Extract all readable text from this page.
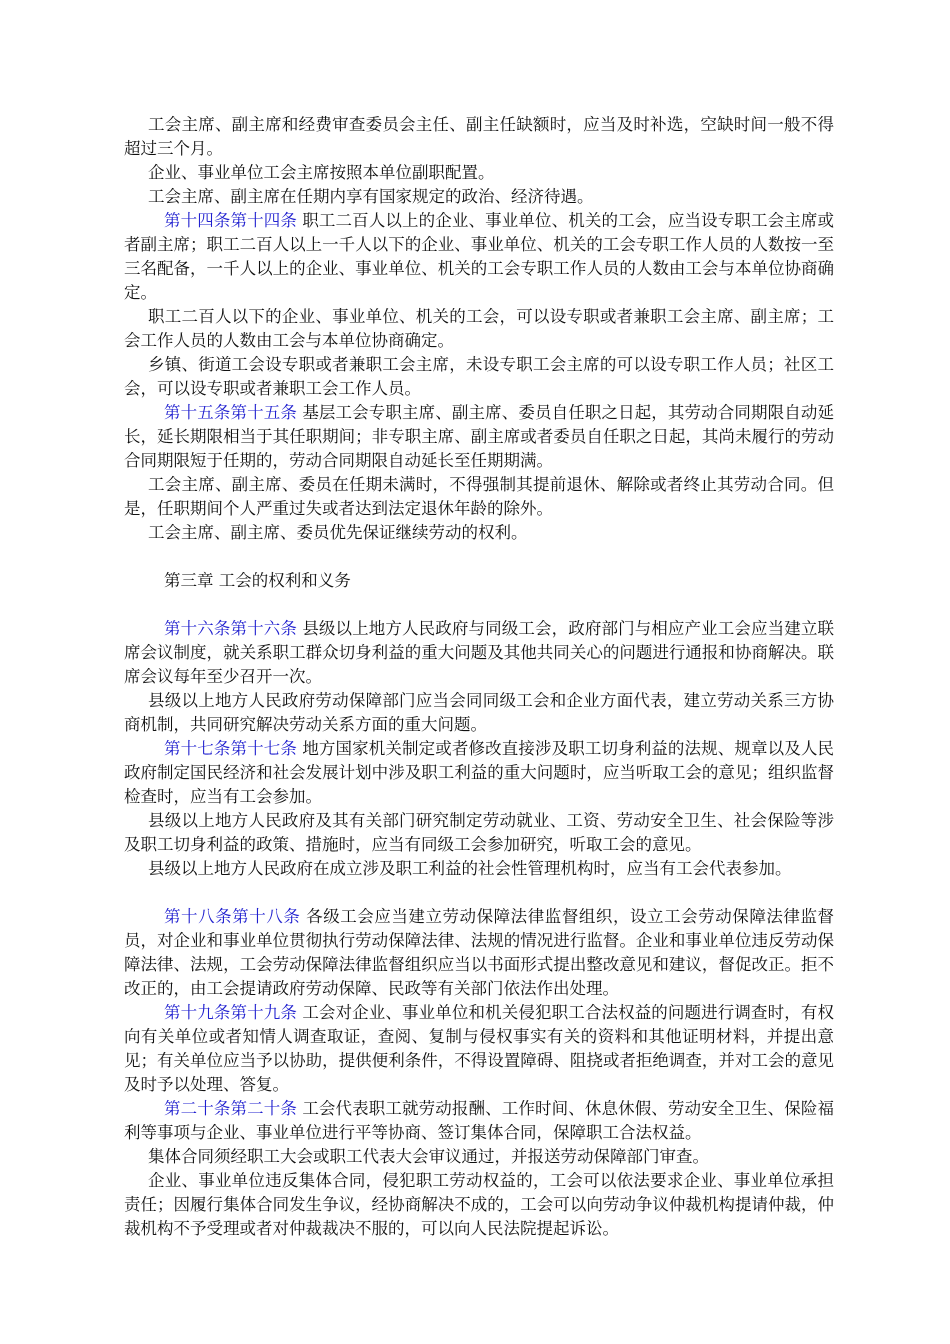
工会主席、副主席和经费审查委员会主任、副主任缺额时，应当及时补选，空缺时间一般不得超过三个月。

企业、事业单位工会主席按照本单位副职配置。

工会主席、副主席在任期内享有国家规定的政治、经济待遇。

第十四条第十四条 职工二百人以上的企业、事业单位、机关的工会，应当设专职工会主席或者副主席；职工二百人以上一千人以下的企业、事业单位、机关的工会专职工作人员的人数按一至三名配备，一千人以上的企业、事业单位、机关的工会专职工作人员的人数由工会与本单位协商确定。

职工二百人以下的企业、事业单位、机关的工会，可以设专职或者兼职工会主席、副主席；工会工作人员的人数由工会与本单位协商确定。

乡镇、街道工会设专职或者兼职工会主席，未设专职工会主席的可以设专职工作人员；社区工会，可以设专职或者兼职工会工作人员。

第十五条第十五条 基层工会专职主席、副主席、委员自任职之日起，其劳动合同期限自动延长，延长期限相当于其任职期间；非专职主席、副主席或者委员自任职之日起，其尚未履行的劳动合同期限短于任期的，劳动合同期限自动延长至任期期满。

工会主席、副主席、委员在任期未满时，不得强制其提前退休、解除或者终止其劳动合同。但是，任职期间个人严重过失或者达到法定退休年龄的除外。

工会主席、副主席、委员优先保证继续劳动的权利。

第三章 工会的权利和义务

第十六条第十六条 县级以上地方人民政府与同级工会，政府部门与相应产业工会应当建立联席会议制度，就关系职工群众切身利益的重大问题及其他共同关心的问题进行通报和协商解决。联席会议每年至少召开一次。

县级以上地方人民政府劳动保障部门应当会同同级工会和企业方面代表，建立劳动关系三方协商机制，共同研究解决劳动关系方面的重大问题。

第十七条第十七条 地方国家机关制定或者修改直接涉及职工切身利益的法规、规章以及人民政府制定国民经济和社会发展计划中涉及职工利益的重大问题时，应当听取工会的意见；组织监督检查时，应当有工会参加。

县级以上地方人民政府及其有关部门研究制定劳动就业、工资、劳动安全卫生、社会保险等涉及职工切身利益的政策、措施时，应当有同级工会参加研究，听取工会的意见。

县级以上地方人民政府在成立涉及职工利益的社会性管理机构时，应当有工会代表参加。

第十八条第十八条 各级工会应当建立劳动保障法律监督组织，设立工会劳动保障法律监督员，对企业和事业单位贯彻执行劳动保障法律、法规的情况进行监督。企业和事业单位违反劳动保障法律、法规，工会劳动保障法律监督组织应当以书面形式提出整改意见和建议，督促改正。拒不改正的，由工会提请政府劳动保障、民政等有关部门依法作出处理。

第十九条第十九条 工会对企业、事业单位和机关侵犯职工合法权益的问题进行调查时，有权向有关单位或者知情人调查取证，查阅、复制与侵权事实有关的资料和其他证明材料，并提出意见；有关单位应当予以协助，提供便利条件，不得设置障碍、阻挠或者拒绝调查，并对工会的意见及时予以处理、答复。

第二十条第二十条 工会代表职工就劳动报酬、工作时间、休息休假、劳动安全卫生、保险福利等事项与企业、事业单位进行平等协商、签订集体合同，保障职工合法权益。

集体合同须经职工大会或职工代表大会审议通过，并报送劳动保障部门审查。

企业、事业单位违反集体合同，侵犯职工劳动权益的，工会可以依法要求企业、事业单位承担责任；因履行集体合同发生争议，经协商解决不成的，工会可以向劳动争议仲裁机构提请仲裁，仲裁机构不予受理或者对仲裁裁决不服的，可以向人民法院提起诉讼。
